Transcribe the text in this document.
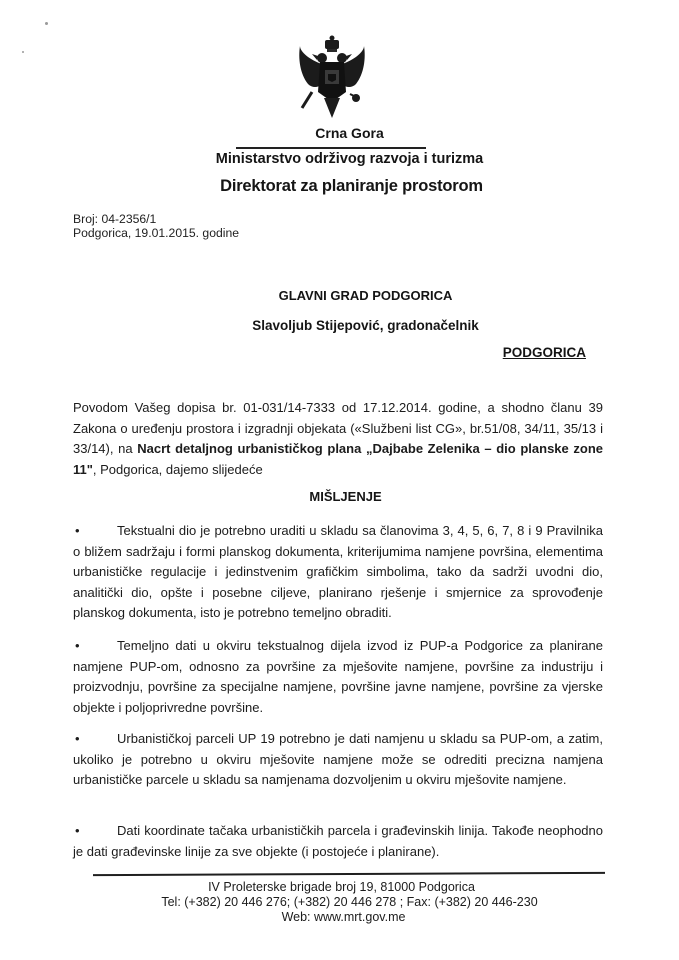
Crna Gora
Ministarstvo održivog razvoja i turizma
Direktorat za planiranje prostorom
Broj: 04-2356/1
Podgorica, 19.01.2015. godine
GLAVNI GRAD PODGORICA
Slavoljub Stijepović, gradonačelnik
PODGORICA
Povodom Vašeg dopisa br. 01-031/14-7333 od 17.12.2014. godine, a shodno članu 39 Zakona o uređenju prostora i izgradnji objekata («Službeni list CG», br.51/08, 34/11, 35/13 i 33/14), na Nacrt detaljnog urbanističkog plana „Dajbabe Zelenika – dio planske zone 11", Podgorica, dajemo slijedeće
MIŠLJENJE
•	Tekstualni dio je potrebno uraditi u skladu sa članovima 3, 4, 5, 6, 7, 8 i 9 Pravilnika o bližem sadržaju i formi planskog dokumenta, kriterijumima namjene površina, elementima urbanističke regulacije i jedinstvenim grafičkim simbolima, tako da sadrži uvodni dio, analitički dio, opšte i posebne ciljeve, planirano rješenje i smjernice za sprovođenje planskog dokumenta, isto je potrebno temeljno obraditi.
•	Temeljno dati u okviru tekstualnog dijela izvod iz PUP-a Podgorice za planirane namjene PUP-om, odnosno za površine za mješovite namjene, površine za industriju i proizvodnju, površine za specijalne namjene, površine javne namjene, površine za vjerske objekte i poljoprivredne površine.
•	Urbanističkoj parceli UP 19 potrebno je dati namjenu u skladu sa PUP-om, a zatim, ukoliko je potrebno u okviru mješovite namjene može se odrediti precizna namjena urbanističke parcele u skladu sa namjenama dozvoljenim u okviru mješovite namjene.
•	Dati koordinate tačaka urbanističkih parcela i građevinskih linija. Takođe neophodno je dati građevinske linije za sve objekte (i postojeće i planirane).
IV Proleterske brigade broj 19, 81000 Podgorica
Tel: (+382) 20 446 276; (+382) 20 446 278 ; Fax: (+382) 20 446-230
Web: www.mrt.gov.me
